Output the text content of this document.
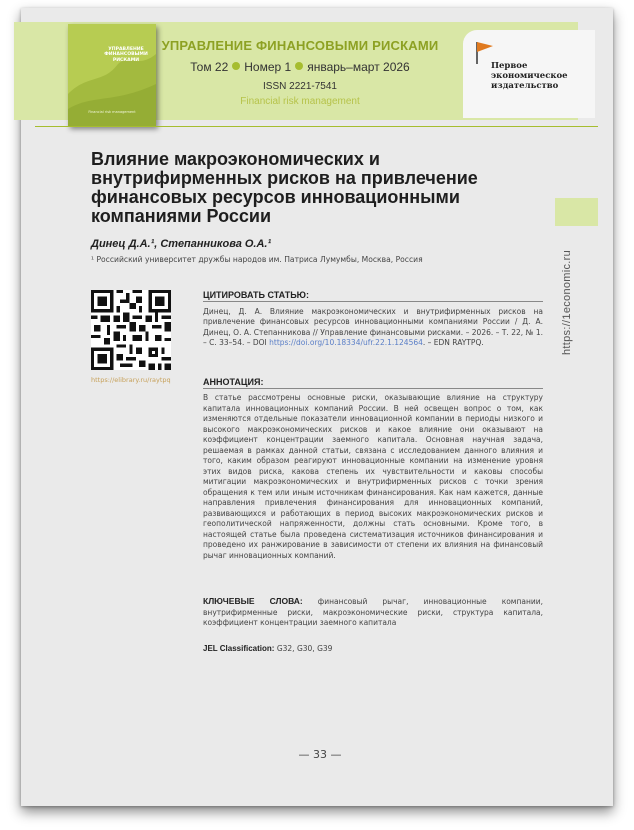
УПРАВЛЕНИЕ ФИНАНСОВЫМИ РИСКАМИ
Financial risk management
УПРАВЛЕНИЕ ФИНАНСОВЫМИ РИСКАМИ
Том 22 Номер 1 январь–март 2026
ISSN 2221-7541
Financial risk management
Первое
экономическое
издательство
https://1economic.ru
Влияние макроэкономических и внутрифирменных рисков на привлечение финансовых ресурсов инновационными компаниями России
Динец Д.А.¹, Степанникова О.А.¹
¹ Российский университет дружбы народов им. Патриса Лумумбы, Москва, Россия
https://elibrary.ru/raytpq
ЦИТИРОВАТЬ СТАТЬЮ:
Динец, Д. А. Влияние макроэкономических и внутрифирменных рисков на привлечение финансовых ресурсов инновационными компаниями России / Д. А. Динец, О. А. Степанникова // Управление финансовыми рисками. – 2026. – Т. 22, № 1. – С. 33–54. – DOI https://doi.org/10.18334/ufr.22.1.124564. – EDN RAYTPQ.
АННОТАЦИЯ:
В статье рассмотрены основные риски, оказывающие влияние на структуру капитала инновационных компаний России. В ней освещен вопрос о том, как изменяются отдельные показатели инновационной компании в периоды низкого и высокого макроэкономических рисков и какое влияние они оказывают на коэффициент концентрации заемного капитала. Основная научная задача, решаемая в рамках данной статьи, связана с исследованием данного влияния и того, каким образом реагируют инновационные компании на изменение уровня этих видов риска, какова степень их чувствительности и каковы способы митигации макроэкономических и внутрифирменных рисков с точки зрения обращения к тем или иным источникам финансирования. Как нам кажется, данные направления привлечения финансирования для инновационных компаний, развивающихся и работающих в период высоких макроэкономических рисков и геополитической напряженности, должны стать основными. Кроме того, в настоящей статье была проведена систематизация источников финансирования и проведено их ранжирование в зависимости от степени их влияния на финансовый рычаг инновационных компаний.
КЛЮЧЕВЫЕ СЛОВА: финансовый рычаг, инновационные компании, внутрифирменные риски, макроэкономические риски, структура капитала, коэффициент концентрации заемного капитала
JEL Classification: G32, G30, G39
— 33 —
